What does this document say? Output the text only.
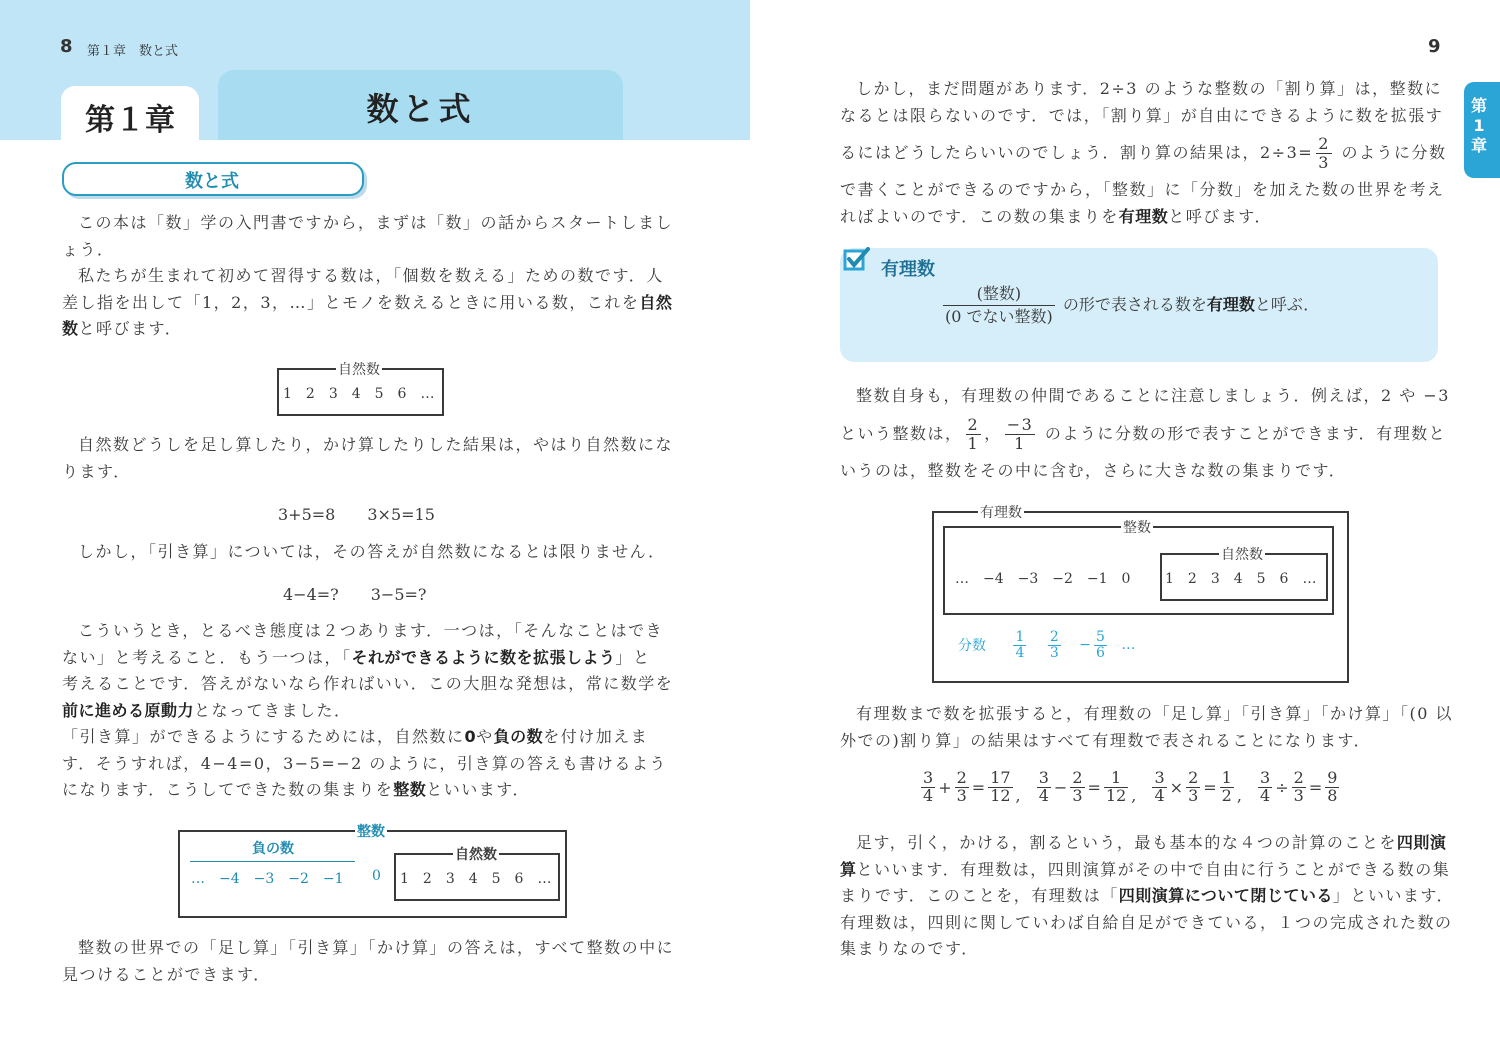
8 第１章　数と式
数と式
第１章
数と式
この本は「数」学の入門書ですから，まずは「数」の話からスタートしまし
ょう．
私たちが生まれて初めて習得する数は，「個数を数える」ための数です．人
差し指を出して「1，2，3，…」とモノを数えるときに用いる数，これを自然
数と呼びます．
自然数
1　2　3　4　5　6　…
自然数どうしを足し算したり，かけ算したりした結果は，やはり自然数にな
ります．
3+5=8　　3×5=15
しかし，「引き算」については，その答えが自然数になるとは限りません．
4−4=?　　3−5=?
こういうとき，とるべき態度は２つあります．一つは，「そんなことはでき
ない」と考えること．もう一つは，「それができるように数を拡張しよう」と
考えることです．答えがないなら作ればいい．この大胆な発想は，常に数学を
前に進める原動力となってきました．
「引き算」ができるようにするためには，自然数に0や負の数を付け加えま
す．そうすれば，4−4=0，3−5=−2 のように，引き算の答えも書けるよう
になります．こうしてできた数の集まりを整数といいます．
整数
負の数
…　−4　−3　−2　−1 0
自然数
1　2　3　4　5　6　…
整数の世界での「足し算」「引き算」「かけ算」の答えは，すべて整数の中に
見つけることができます．
9
第
1
章
しかし，まだ問題があります．2÷3 のような整数の「割り算」は，整数に
なるとは限らないのです．では，「割り算」が自由にできるように数を拡張す
るにはどうしたらいいのでしょう．割り算の結果は，$2\div 3= \frac{2}{3}$ のように分数
で書くことができるのですから，「整数」に「分数」を加えた数の世界を考え
ればよいのです．この数の集まりを有理数と呼びます．
有理数
$\frac{\text{(整数)}}{\text{(0 でない整数)}}$ の形で表される数を有理数と呼ぶ．
整数自身も，有理数の仲間であることに注意しましょう．例えば，2 や −3
という整数は， $\frac{2}{1}$ ， $\frac{-3}{1}$ のように分数の形で表すことができます．有理数と
いうのは，整数をその中に含む，さらに大きな数の集まりです．
有理数
整数
…　−4　−3　−2　−1　0
自然数
1　2　3　4　5　6　…
分数 $\frac{1}{4}$
$\frac{2}{3} - \frac{5}{6}$ …
有理数まで数を拡張すると，有理数の「足し算」「引き算」「かけ算」「(0 以
外での)割り算」の結果はすべて有理数で表されることになります．
$\frac{3}{4} + \frac{2}{3} = \frac{17}{12}$ , $\frac{3}{4} - \frac{2}{3} = \frac{1}{12}$ , $\frac{3}{4} \times \frac{2}{3} = \frac{1}{2}$ , $\frac{3}{4} \div \frac{2}{3} = \frac{9}{8}$
足す，引く，かける，割るという，最も基本的な４つの計算のことを四則演
算といいます．有理数は，四則演算がその中で自由に行うことができる数の集
まりです．このことを，有理数は「四則演算について閉じている」といいます．
有理数は，四則に関していわば自給自足ができている，１つの完成された数の
集まりなのです．
